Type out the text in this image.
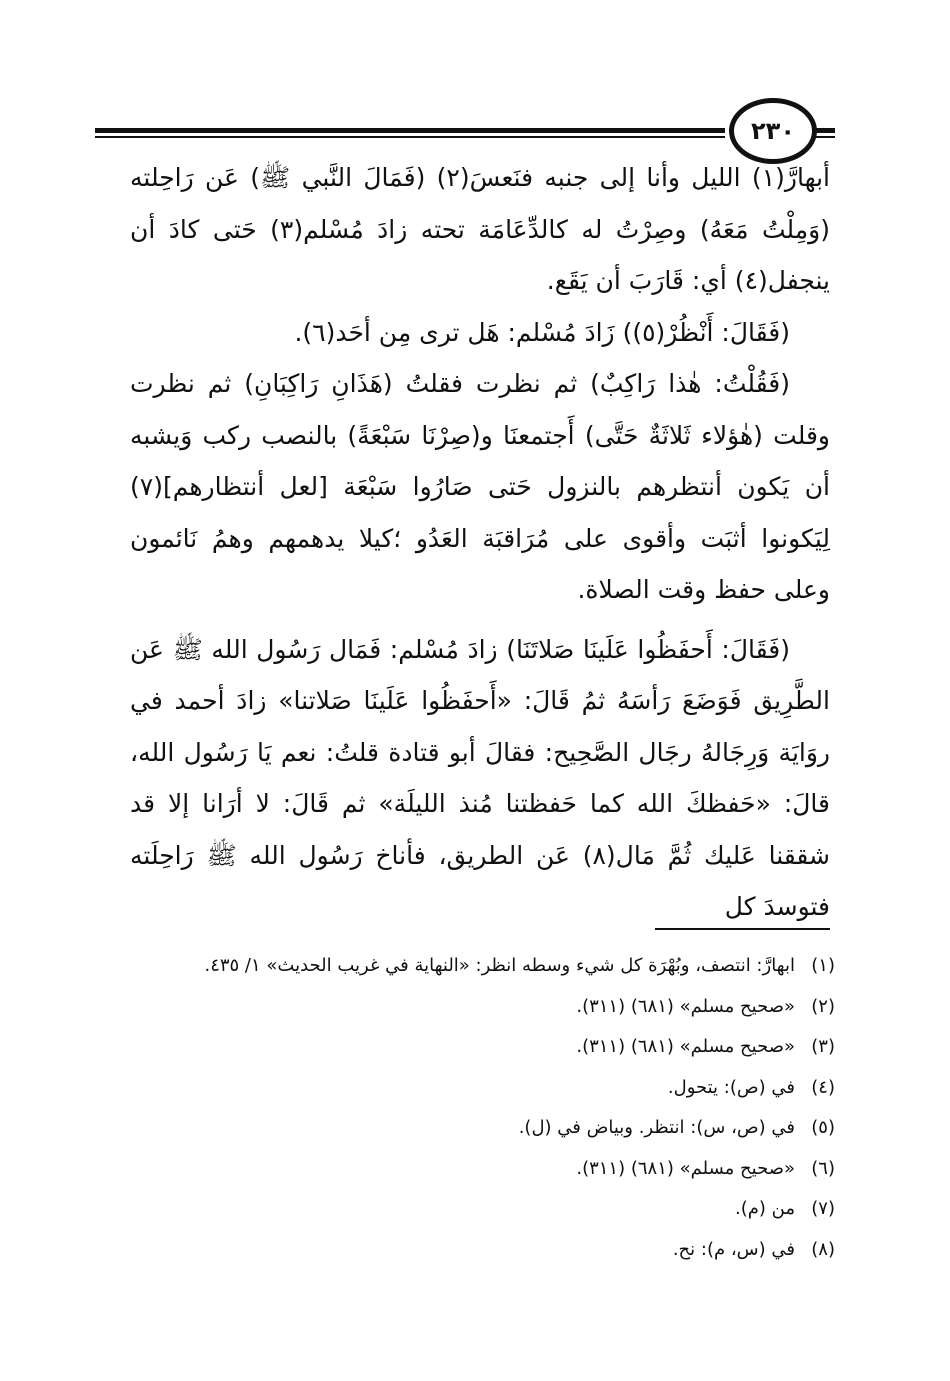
٢٣٠

أبهارَّ(١) الليل وأنا إلى جنبه فنَعسَ(٢) (فَمَالَ النَّبي ﷺ) عَن رَاحِلته (وَمِلْتُ مَعَهُ) وصِرْتُ له كالدِّعَامَة تحته زادَ مُسْلم(٣) حَتى كادَ أن ينجفل(٤) أي: قَارَبَ أن يَقَع.

(فَقَالَ: أَنْظُرْ(٥)) زَادَ مُسْلم: هَل ترى مِن أحَد(٦).

(فَقُلْتُ: هٰذا رَاكِبٌ) ثم نظرت فقلتُ (هَذَانِ رَاكِبَانِ) ثم نظرت وقلت (هٰؤلاء ثَلاثَةٌ حَتَّى) أَجتمعنَا و(صِرْنَا سَبْعَةً) بالنصب ركب وَيشبه أن يَكون أنتظرهم بالنزول حَتى صَارُوا سَبْعَة [لعل أنتظارهم](٧) لِيَكونوا أثبَت وأقوى على مُرَاقبَة العَدُو ؛كيلا يدهمهم وهمُ نَائمون وعلى حفظ وقت الصلاة.

(فَقَالَ: أَحفَظُوا عَلَينَا صَلاتَنَا) زادَ مُسْلم: فَمَال رَسُول الله ﷺ عَن الطَّرِيق فَوَضَعَ رَأسَهُ ثمُ قَالَ: «أَحفَظُوا عَلَينَا صَلاتنا» زادَ أحمد في روَايَة وَرِجَالهُ رجَال الصَّحِيح: فقالَ أبو قتادة قلتُ: نعم يَا رَسُول الله، قالَ: «حَفظكَ الله كما حَفظتنا مُنذ الليلَة» ثم قَالَ: لا أرَانا إلا قد شققنا عَليك ثُمَّ مَال(٨) عَن الطريق، فأناخ رَسُول الله ﷺ رَاحِلَته فتوسدَ كل

(١)ابهارَّ: انتصف، وبُهْرَة كل شيء وسطه انظر: «النهاية في غريب الحديث» ١/ ٤٣٥.
(٢)«صحيح مسلم» (٦٨١) (٣١١).
(٣)«صحيح مسلم» (٦٨١) (٣١١).
(٤)في (ص): يتحول.
(٥)في (ص، س): انتظر. وبياض في (ل).
(٦)«صحيح مسلم» (٦٨١) (٣١١).
(٧)من (م).
(٨)في (س، م): نح.
